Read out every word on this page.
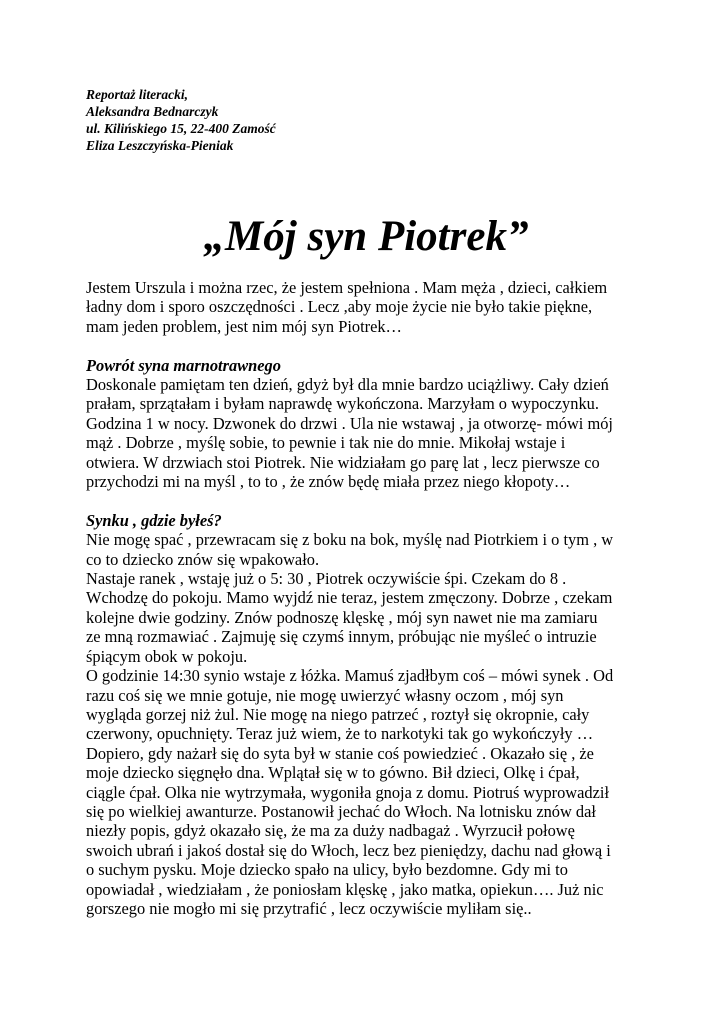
Reportaż literacki,
Aleksandra Bednarczyk
ul. Kilińskiego 15, 22-400 Zamość
Eliza Leszczyńska-Pieniak
„Mój syn Piotrek”
Jestem Urszula i można rzec, że jestem spełniona . Mam męża , dzieci, całkiem
ładny dom i sporo oszczędności . Lecz ,aby moje życie nie było takie piękne,
mam jeden problem, jest nim mój syn Piotrek…
Powrót syna marnotrawnego
Doskonale pamiętam ten dzień, gdyż był dla mnie bardzo uciążliwy. Cały dzień
prałam, sprzątałam i byłam naprawdę wykończona. Marzyłam o wypoczynku.
Godzina 1 w nocy. Dzwonek do drzwi . Ula nie wstawaj , ja otworzę- mówi mój
mąż . Dobrze , myślę sobie, to pewnie i tak nie do mnie. Mikołaj wstaje i
otwiera. W drzwiach stoi Piotrek. Nie widziałam go parę lat , lecz pierwsze co
przychodzi mi na myśl , to to , że znów będę miała przez niego kłopoty…
Synku , gdzie byłeś?
Nie mogę spać , przewracam się z boku na bok, myślę nad Piotrkiem i o tym , w
co to dziecko znów się wpakowało.
Nastaje ranek , wstaję już o 5: 30 , Piotrek oczywiście śpi. Czekam do 8 .
Wchodzę do pokoju. Mamo wyjdź nie teraz, jestem zmęczony. Dobrze , czekam
kolejne dwie godziny. Znów podnoszę klęskę , mój syn nawet nie ma zamiaru
ze mną rozmawiać . Zajmuję się czymś innym, próbując nie myśleć o intruzie
śpiącym obok w pokoju.
O godzinie 14:30 synio wstaje z łóżka. Mamuś zjadłbym coś – mówi synek . Od
razu coś się we mnie gotuje, nie mogę uwierzyć własny oczom , mój syn
wygląda gorzej niż żul. Nie mogę na niego patrzeć , roztył się okropnie, cały
czerwony, opuchnięty. Teraz już wiem, że to narkotyki tak go wykończyły …
Dopiero, gdy nażarł się do syta był w stanie coś powiedzieć . Okazało się , że
moje dziecko sięgnęło dna. Wplątał się w to gówno. Bił dzieci, Olkę i ćpał,
ciągle ćpał. Olka nie wytrzymała, wygoniła gnoja z domu. Piotruś wyprowadził
się po wielkiej awanturze. Postanowił jechać do Włoch. Na lotnisku znów dał
niezły popis, gdyż okazało się, że ma za duży nadbagaż . Wyrzucił połowę
swoich ubrań i jakoś dostał się do Włoch, lecz bez pieniędzy, dachu nad głową i
o suchym pysku. Moje dziecko spało na ulicy, było bezdomne. Gdy mi to
opowiadał , wiedziałam , że poniosłam klęskę , jako matka, opiekun…. Już nic
gorszego nie mogło mi się przytrafić , lecz oczywiście myliłam się..
